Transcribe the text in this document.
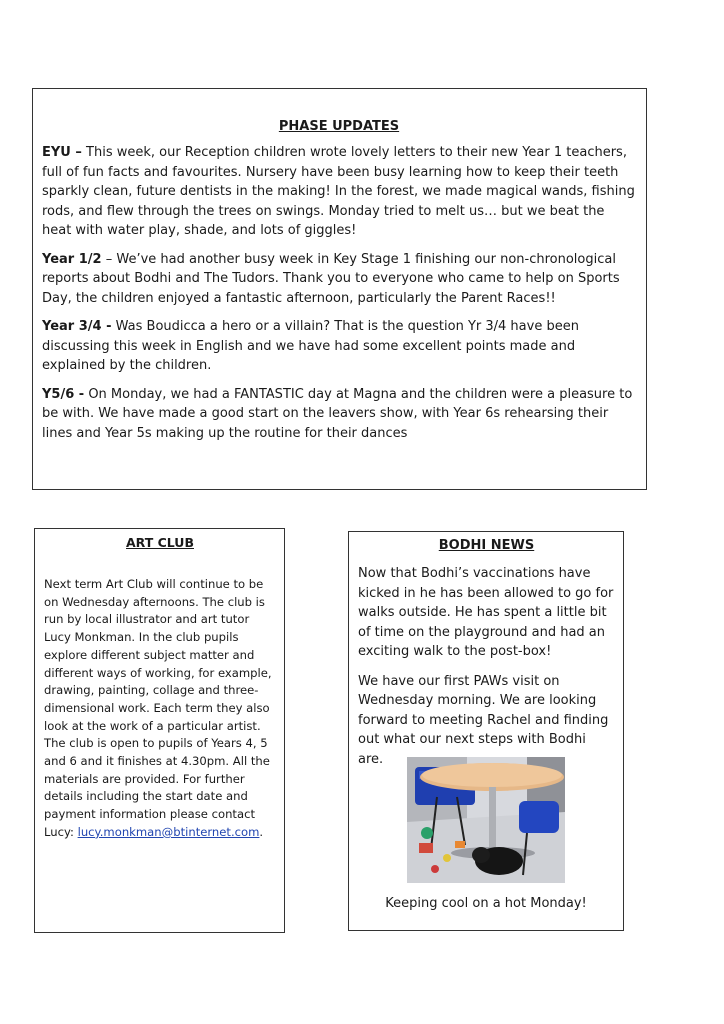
PHASE UPDATES

EYU – This week, our Reception children wrote lovely letters to their new Year 1 teachers, full of fun facts and favourites. Nursery have been busy learning how to keep their teeth sparkly clean, future dentists in the making! In the forest, we made magical wands, fishing rods, and flew through the trees on swings. Monday tried to melt us… but we beat the heat with water play, shade, and lots of giggles!

Year 1/2 – We’ve had another busy week in Key Stage 1 finishing our non-chronological reports about Bodhi and The Tudors. Thank you to everyone who came to help on Sports Day, the children enjoyed a fantastic afternoon, particularly the Parent Races!!

Year 3/4 - Was Boudicca a hero or a villain? That is the question Yr 3/4 have been discussing this week in English and we have had some excellent points made and explained by the children.

Y5/6 - On Monday, we had a FANTASTIC day at Magna and the children were a pleasure to be with. We have made a good start on the leavers show, with Year 6s rehearsing their lines and Year 5s making up the routine for their dances

ART CLUB

Next term Art Club will continue to be on Wednesday afternoons. The club is run by local illustrator and art tutor Lucy Monkman. In the club pupils explore different subject matter and different ways of working, for example, drawing, painting, collage and three-dimensional work. Each term they also look at the work of a particular artist. The club is open to pupils of Years 4, 5 and 6 and it finishes at 4.30pm. All the materials are provided. For further details including the start date and payment information please contact
Lucy: lucy.monkman@btinternet.com.

BODHI NEWS

Now that Bodhi’s vaccinations have kicked in he has been allowed to go for walks outside. He has spent a little bit of time on the playground and had an exciting walk to the post-box!

We have our first PAWs visit on Wednesday morning. We are looking forward to meeting Rachel and finding out what our next steps with Bodhi are.

Keeping cool on a hot Monday!
